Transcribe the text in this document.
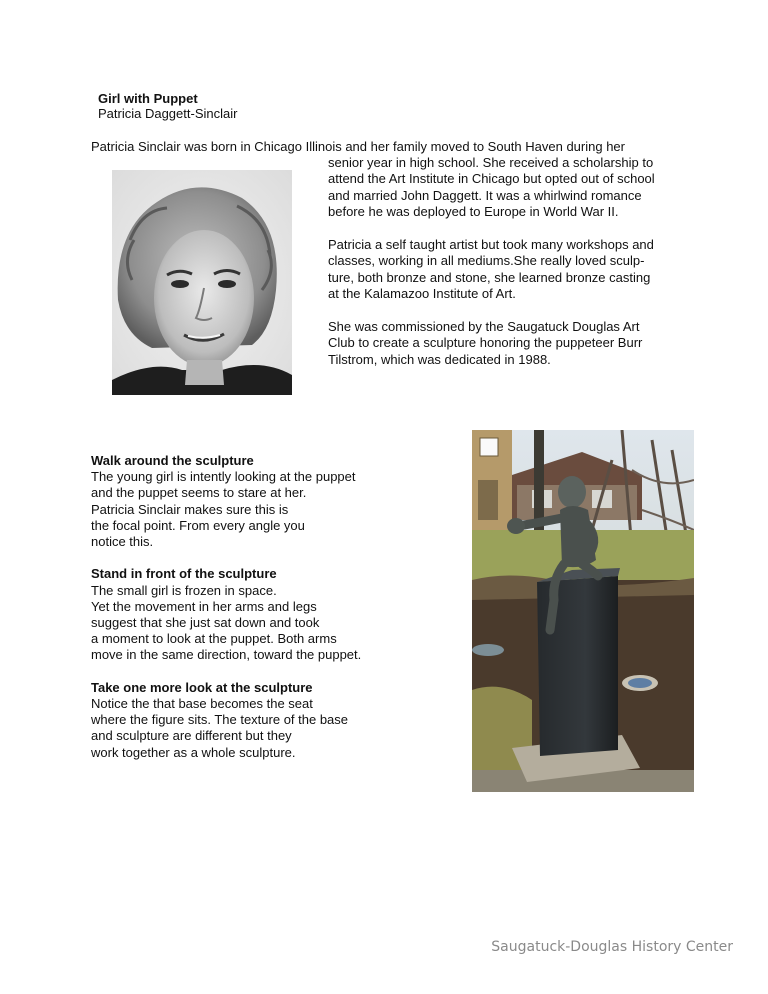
Girl with Puppet
Patricia Daggett-Sinclair
Patricia Sinclair was born in Chicago Illinois and her family moved to South Haven during her

senior year in high school. She received a scholarship to
attend the Art Institute in Chicago but opted out of school
and married John Daggett. It was a whirlwind romance
before he was deployed to Europe in World War II.

Patricia a self taught artist but took many workshops and
classes, working in all mediums.She really loved sculp-
ture, both bronze and stone, she learned bronze casting
at the Kalamazoo Institute of Art.

She was commissioned by the Saugatuck Douglas Art
Club to create a sculpture honoring the puppeteer Burr
Tilstrom, which was dedicated in 1988.

Walk around the sculpture
The young girl is intently looking at the puppet
and the puppet seems to stare at her.
Patricia Sinclair makes sure this is
the focal point. From every angle you
notice this.
Stand in front of the sculpture
The small girl is frozen in space.
Yet the movement in her arms and legs
suggest that she just sat down and took
a moment to look at the puppet. Both arms
move in the same direction, toward the puppet.
Take one more look at the sculpture
Notice the that base becomes the seat
where the figure sits. The texture of the base
and sculpture are different but they
work together as a whole sculpture.
Saugatuck-Douglas History Center
